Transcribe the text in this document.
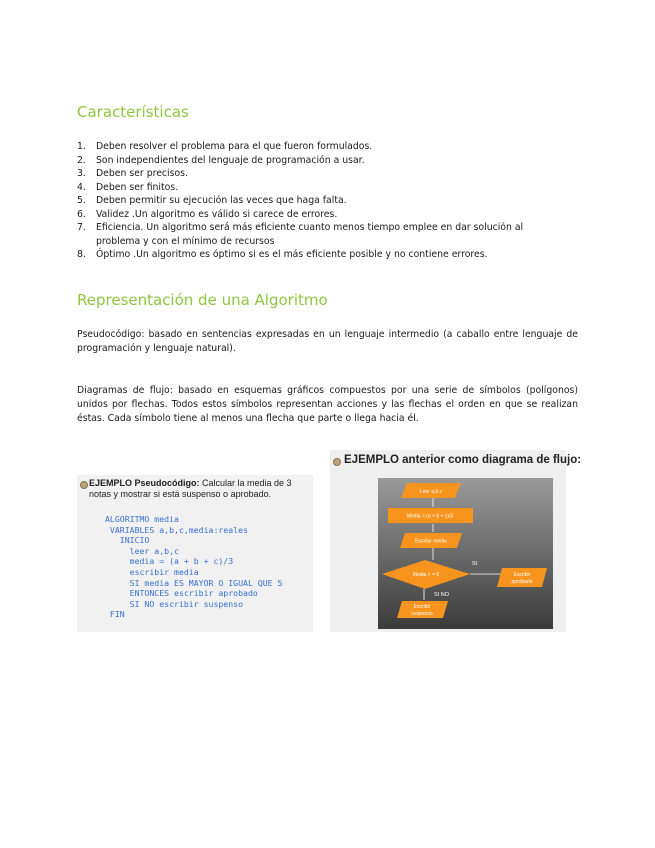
Características
1. Deben resolver el problema para el que fueron formulados.
2. Son independientes del lenguaje de programación a usar.
3. Deben ser precisos.
4. Deben ser finitos.
5. Deben permitir su ejecución las veces que haga falta.
6. Validez .Un algoritmo es válido si carece de errores.
7. Eficiencia. Un algoritmo será más eficiente cuanto menos tiempo emplee en dar solución al problema y con el mínimo de recursos
8. Óptimo .Un algoritmo es óptimo si es el más eficiente posible y no contiene errores.
Representación de una Algoritmo

Pseudocódigo: basado en sentencias expresadas en un lenguaje intermedio (a caballo entre lenguaje de programación y lenguaje natural).

Diagramas de flujo: basado en esquemas gráficos compuestos por una serie de símbolos (polígonos) unidos por flechas. Todos estos símbolos representan acciones y las flechas el orden en que se realizan éstas. Cada símbolo tiene al menos una flecha que parte o llega hacia él.

EJEMPLO Pseudocódigo: Calcular la media de 3 notas y mostrar si está suspenso o aprobado.
ALGORITMO media
VARIABLES a,b,c,media:reales
INICIO
leer a,b,c
media = (a + b + c)/3
escribir media
SI media ES MAYOR O IGUAL QUE 5
ENTONCES escribir aprobado
SI NO escribir suspenso
FIN
Leer a,b,c
Media = (a + b + c)/3
Escribir media
Media > = 5	Escribir
aprobado
Escribir
suspenso
SI
SI NO
EJEMPLO anterior como diagrama de flujo:
